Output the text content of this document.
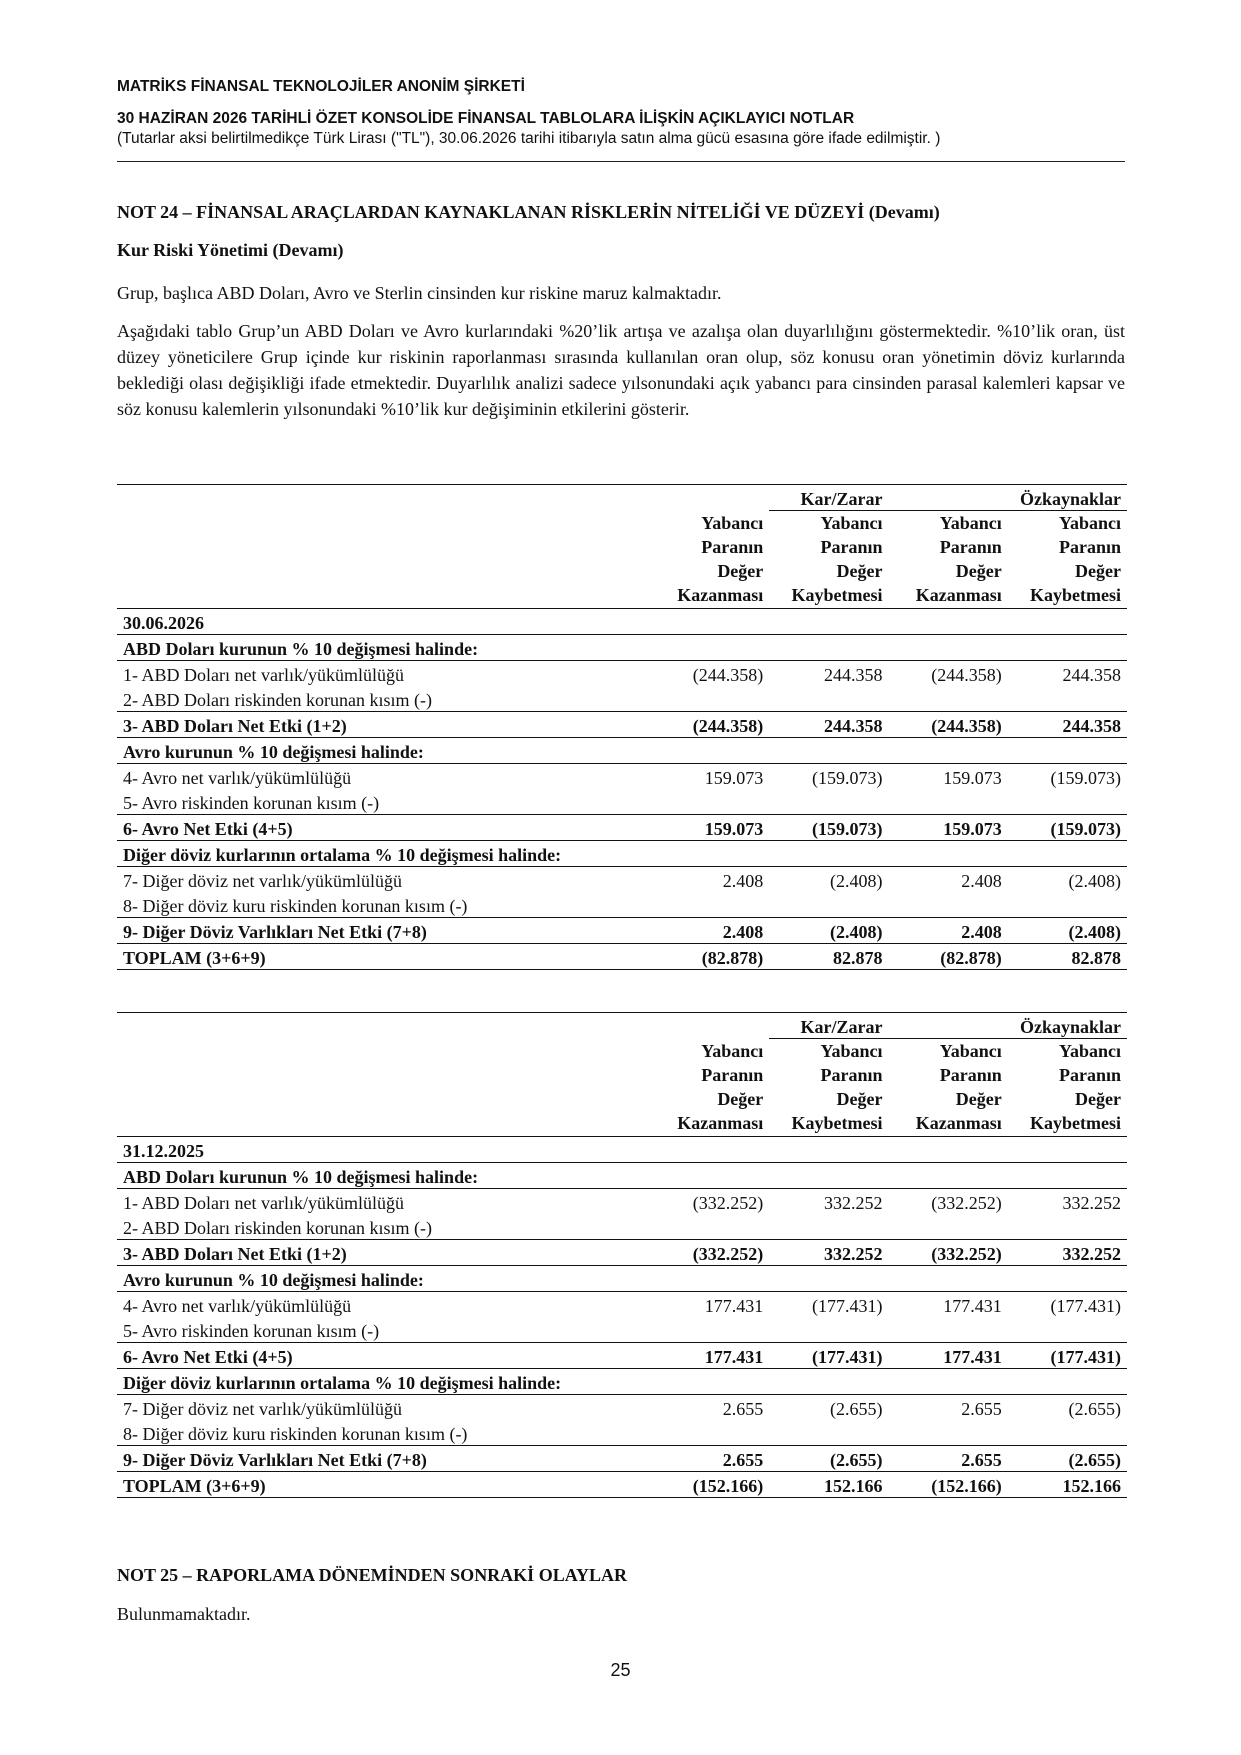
MATRİKS FİNANSAL TEKNOLOJİLER ANONİM ŞİRKETİ
30 HAZİRAN 2026 TARİHLİ ÖZET KONSOLİDE FİNANSAL TABLOLARA İLİŞKİN AÇIKLAYICI NOTLAR
(Tutarlar aksi belirtilmedikçe Türk Lirası ("TL"), 30.06.2026 tarihi itibarıyla satın alma gücü esasına göre ifade edilmiştir. )
NOT 24 – FİNANSAL ARAÇLARDAN KAYNAKLANAN RİSKLERİN NİTELİĞİ VE DÜZEYİ (Devamı)
Kur Riski Yönetimi (Devamı)
Grup, başlıca ABD Doları, Avro ve Sterlin cinsinden kur riskine maruz kalmaktadır.
Aşağıdaki tablo Grup’un ABD Doları ve Avro kurlarındaki %20’lik artışa ve azalışa olan duyarlılığını göstermektedir. %10’lik oran, üst düzey yöneticilere Grup içinde kur riskinin raporlanması sırasında kullanılan oran olup, söz konusu oran yönetimin döviz kurlarında beklediği olası değişikliği ifade etmektedir. Duyarlılık analizi sadece yılsonundaki açık yabancı para cinsinden parasal kalemleri kapsar ve söz konusu kalemlerin yılsonundaki %10’lik kur değişiminin etkilerini gösterir.
		Kar/Zarar		Özkaynaklar
	Yabancı
Paranın
Değer
Kazanması	Yabancı
Paranın
Değer
Kaybetmesi	Yabancı
Paranın
Değer
Kazanması	Yabancı
Paranın
Değer
Kaybetmesi
30.06.2026				
ABD Doları kurunun % 10 değişmesi halinde:				
1- ABD Doları net varlık/yükümlülüğü	(244.358)	244.358	(244.358)	244.358
2- ABD Doları riskinden korunan kısım (-)				
3- ABD Doları Net Etki (1+2)	(244.358)	244.358	(244.358)	244.358
Avro kurunun % 10 değişmesi halinde:				
4- Avro net varlık/yükümlülüğü	159.073	(159.073)	159.073	(159.073)
5- Avro riskinden korunan kısım (-)				
6- Avro Net Etki (4+5)	159.073	(159.073)	159.073	(159.073)
Diğer döviz kurlarının ortalama % 10 değişmesi halinde:				
7- Diğer döviz net varlık/yükümlülüğü	2.408	(2.408)	2.408	(2.408)
8- Diğer döviz kuru riskinden korunan kısım (-)				
9- Diğer Döviz Varlıkları Net Etki (7+8)	2.408	(2.408)	2.408	(2.408)
TOPLAM (3+6+9)	(82.878)	82.878	(82.878)	82.878
		Kar/Zarar		Özkaynaklar
	Yabancı
Paranın
Değer
Kazanması	Yabancı
Paranın
Değer
Kaybetmesi	Yabancı
Paranın
Değer
Kazanması	Yabancı
Paranın
Değer
Kaybetmesi
31.12.2025				
ABD Doları kurunun % 10 değişmesi halinde:				
1- ABD Doları net varlık/yükümlülüğü	(332.252)	332.252	(332.252)	332.252
2- ABD Doları riskinden korunan kısım (-)				
3- ABD Doları Net Etki (1+2)	(332.252)	332.252	(332.252)	332.252
Avro kurunun % 10 değişmesi halinde:				
4- Avro net varlık/yükümlülüğü	177.431	(177.431)	177.431	(177.431)
5- Avro riskinden korunan kısım (-)				
6- Avro Net Etki (4+5)	177.431	(177.431)	177.431	(177.431)
Diğer döviz kurlarının ortalama % 10 değişmesi halinde:				
7- Diğer döviz net varlık/yükümlülüğü	2.655	(2.655)	2.655	(2.655)
8- Diğer döviz kuru riskinden korunan kısım (-)				
9- Diğer Döviz Varlıkları Net Etki (7+8)	2.655	(2.655)	2.655	(2.655)
TOPLAM (3+6+9)	(152.166)	152.166	(152.166)	152.166
NOT 25 – RAPORLAMA DÖNEMİNDEN SONRAKİ OLAYLAR
Bulunmamaktadır.
25
